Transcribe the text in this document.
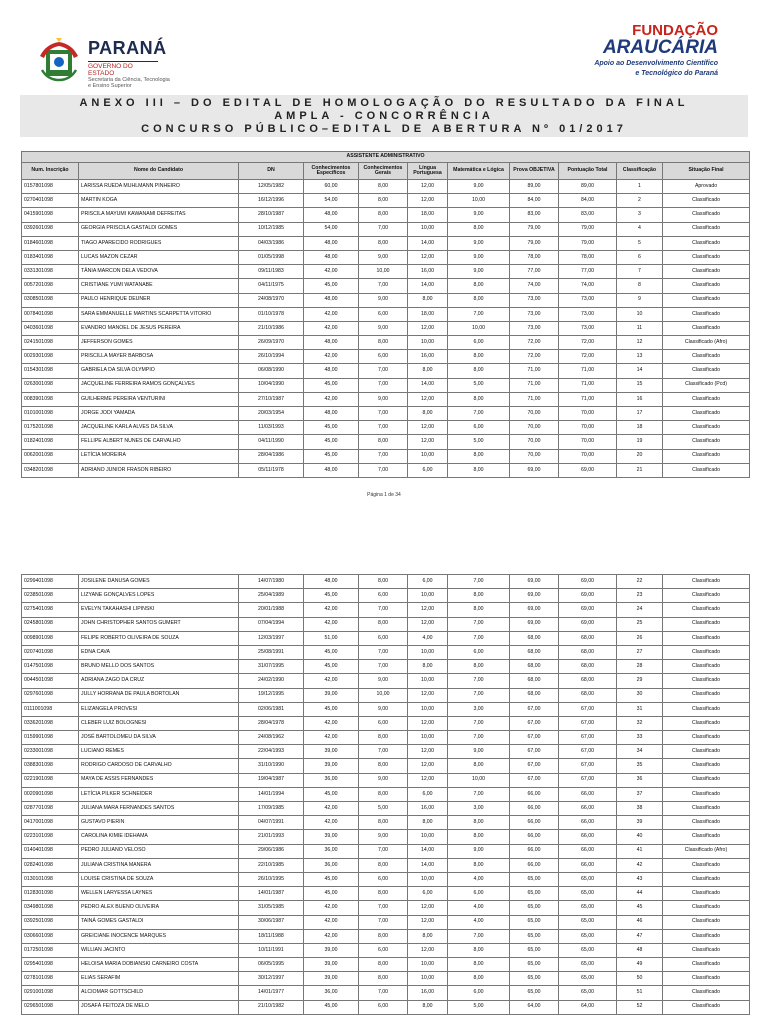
PARANÁ
GOVERNO DO ESTADO
Secretaria da Ciência, Tecnologia
e Ensino Superior
FUNDAÇÃO
ARAUCÁRIA
Apoio ao Desenvolvimento Científico
e Tecnológico do Paraná
ANEXO III – DO EDITAL DE HOMOLOGAÇÃO DO RESULTADO DA FINAL
AMPLA - CONCORRÊNCIA
CONCURSO PÚBLICO–EDITAL DE ABERTURA Nº 01/2017
ASSISTENTE ADMINISTRATIVO										
Num. Inscrição	Nome do Candidato	DN	Conhecimentos Específicos	Conhecimentos Gerais	Língua Portuguesa	Matemática e Lógica	Prova OBJETIVA	Pontuação Total	Classificação	Situação Final
0157801098	LARISSA RUEDA MUHLMANN PINHEIRO	12/05/1982	60,00	8,00	12,00	9,00	89,00	89,00	1	Aprovado
0270401098	MARTIN KOGA	16/12/1996	54,00	8,00	12,00	10,00	84,00	84,00	2	Classificado
0415901098	PRISCILA MAYUMI KAWANAMI DEFREITAS	28/10/1987	48,00	8,00	18,00	9,00	83,00	83,00	3	Classificado
0392601098	GEORGIA PRISCILA GASTALDI GOMES	10/12/1985	54,00	7,00	10,00	8,00	79,00	79,00	4	Classificado
0184601098	TIAGO APARECIDO RODRIGUES	04/03/1986	48,00	8,00	14,00	9,00	79,00	79,00	5	Classificado
0183401098	LUCAS MAZON CEZAR	01/05/1998	48,00	9,00	12,00	9,00	78,00	78,00	6	Classificado
0331301098	TÂNIA MARCON DELA VEDOVA	09/11/1983	42,00	10,00	16,00	9,00	77,00	77,00	7	Classificado
0057201098	CRISTIANE YUMI WATANABE	04/11/1975	45,00	7,00	14,00	8,00	74,00	74,00	8	Classificado
0308501098	PAULO HENRIQUE DEUNER	24/08/1970	48,00	9,00	8,00	8,00	73,00	73,00	9	Classificado
0078401098	SARA EMMANUELLE MARTINS SCARPETTA VITORIO	01/10/1978	42,00	6,00	18,00	7,00	73,00	73,00	10	Classificado
0403601098	EVANDRO MANOEL DE JESUS PEREIRA	21/10/1986	42,00	9,00	12,00	10,00	73,00	73,00	11	Classificado
0241501098	JEFFERSON GOMES	26/09/1970	48,00	8,00	10,00	6,00	72,00	72,00	12	Classificado (Afro)
0029301098	PRISCILLA MAYER BARBOSA	26/10/1994	42,00	6,00	16,00	8,00	72,00	72,00	13	Classificado
0154301098	GABRIELA DA SILVA OLYMPIO	06/08/1990	48,00	7,00	8,00	8,00	71,00	71,00	14	Classificado
0263001098	JACQUELINE FERREIRA RAMOS GONÇALVES	10/04/1990	45,00	7,00	14,00	5,00	71,00	71,00	15	Classificado (Pcd)
0083901098	GUILHERME PEREIRA VENTURINI	27/10/1987	42,00	9,00	12,00	8,00	71,00	71,00	16	Classificado
0101001098	JORGE JODI YAMADA	20/03/1954	48,00	7,00	8,00	7,00	70,00	70,00	17	Classificado
0175201098	JACQUELINE KARLA ALVES DA SILVA	11/03/1993	45,00	7,00	12,00	6,00	70,00	70,00	18	Classificado
0182401098	FELLIPE ALBERT NUNES DE CARVALHO	04/11/1990	45,00	8,00	12,00	5,00	70,00	70,00	19	Classificado
0062001098	LETÍCIA MOREIRA	28/04/1986	45,00	7,00	10,00	8,00	70,00	70,00	20	Classificado
0348201098	ADRIANO JUNIOR FRASON RIBEIRO	05/11/1978	48,00	7,00	6,00	8,00	69,00	69,00	21	Classificado
Página 1 de 34
0299401098	JOSILENE DANUSA GOMES	14/07/1980	48,00	8,00	6,00	7,00	69,00	69,00	22	Classificado
0238501098	LIZYANE GONÇALVES LOPES	25/04/1989	45,00	6,00	10,00	8,00	69,00	69,00	23	Classificado
0275401098	EVELYN TAKAHASHI LIPINSKI	20/01/1988	42,00	7,00	12,00	8,00	69,00	69,00	24	Classificado
0245801098	JOHN CHRISTOPHER SANTOS GUMERT	07/04/1994	42,00	8,00	12,00	7,00	69,00	69,00	25	Classificado
0098901098	FELIPE ROBERTO OLIVEIRA DE SOUZA	12/03/1997	51,00	6,00	4,00	7,00	68,00	68,00	26	Classificado
0207401098	EDNA CAVA	25/08/1991	45,00	7,00	10,00	6,00	68,00	68,00	27	Classificado
0147501098	BRUNO MELLO DOS SANTOS	31/07/1995	45,00	7,00	8,00	8,00	68,00	68,00	28	Classificado
0044501098	ADRIANA ZAGO DA CRUZ	24/02/1990	42,00	9,00	10,00	7,00	68,00	68,00	29	Classificado
0297601098	JULLY HORRANA DE PAULA BORTOLAN	19/12/1995	39,00	10,00	12,00	7,00	68,00	68,00	30	Classificado
0111001098	ELIZANGELA PROVESI	02/06/1981	45,00	9,00	10,00	3,00	67,00	67,00	31	Classificado
0336201098	CLEBER LUIZ BOLOGNESI	28/04/1978	42,00	6,00	12,00	7,00	67,00	67,00	32	Classificado
0159901098	JOSÉ BARTOLOMEU DA SILVA	24/08/1962	42,00	8,00	10,00	7,00	67,00	67,00	33	Classificado
0233001098	LUCIANO REMES	22/04/1993	39,00	7,00	12,00	9,00	67,00	67,00	34	Classificado
0388301098	RODRIGO CARDOSO DE CARVALHO	31/10/1990	39,00	8,00	12,00	8,00	67,00	67,00	35	Classificado
0221901098	MAYA DE ASSIS FERNANDES	19/04/1987	36,00	9,00	12,00	10,00	67,00	67,00	36	Classificado
0020901098	LETÍCIA PILKER SCHNEIDER	14/01/1994	45,00	8,00	6,00	7,00	66,00	66,00	37	Classificado
0287701098	JULIANA MARA FERNANDES SANTOS	17/09/1985	42,00	5,00	16,00	3,00	66,00	66,00	38	Classificado
0417001098	GUSTAVO PIERIN	04/07/1991	42,00	8,00	8,00	8,00	66,00	66,00	39	Classificado
0223101098	CAROLINA KIMIE IDEHAMA	21/01/1993	39,00	9,00	10,00	8,00	66,00	66,00	40	Classificado
0140401098	PEDRO JULIANO VELOSO	29/06/1986	36,00	7,00	14,00	9,00	66,00	66,00	41	Classificado (Afro)
0282401098	JULIANA CRISTINA MANERA	22/10/1985	36,00	8,00	14,00	8,00	66,00	66,00	42	Classificado
0130101098	LOUISE CRISTINA DE SOUZA	26/10/1995	45,00	6,00	10,00	4,00	65,00	65,00	43	Classificado
0128301098	WELLEN LARYESSA LAYNES	14/01/1987	45,00	8,00	6,00	6,00	65,00	65,00	44	Classificado
0349801098	PEDRO ALEX BUENO OLIVEIRA	31/05/1985	42,00	7,00	12,00	4,00	65,00	65,00	45	Classificado
0392501098	TAINÁ GOMES GASTALDI	30/06/1987	42,00	7,00	12,00	4,00	65,00	65,00	46	Classificado
0306601098	GREICIANE INOCENCE MARQUES	18/11/1988	42,00	8,00	8,00	7,00	65,00	65,00	47	Classificado
0172501098	WILLIAN JACINTO	10/11/1991	39,00	6,00	12,00	8,00	65,00	65,00	48	Classificado
0295401098	HELOISA MARIA DOBIANSKI CARNEIRO COSTA	06/05/1995	39,00	8,00	10,00	8,00	65,00	65,00	49	Classificado
0278101098	ELIAS SERAFIM	30/12/1997	39,00	8,00	10,00	8,00	65,00	65,00	50	Classificado
0291001098	ALCIOMAR GOTTSCHILD	14/01/1977	36,00	7,00	16,00	6,00	65,00	65,00	51	Classificado
0296501098	JOSAFÁ FEITOZA DE MELO	21/10/1982	45,00	6,00	8,00	5,00	64,00	64,00	52	Classificado
